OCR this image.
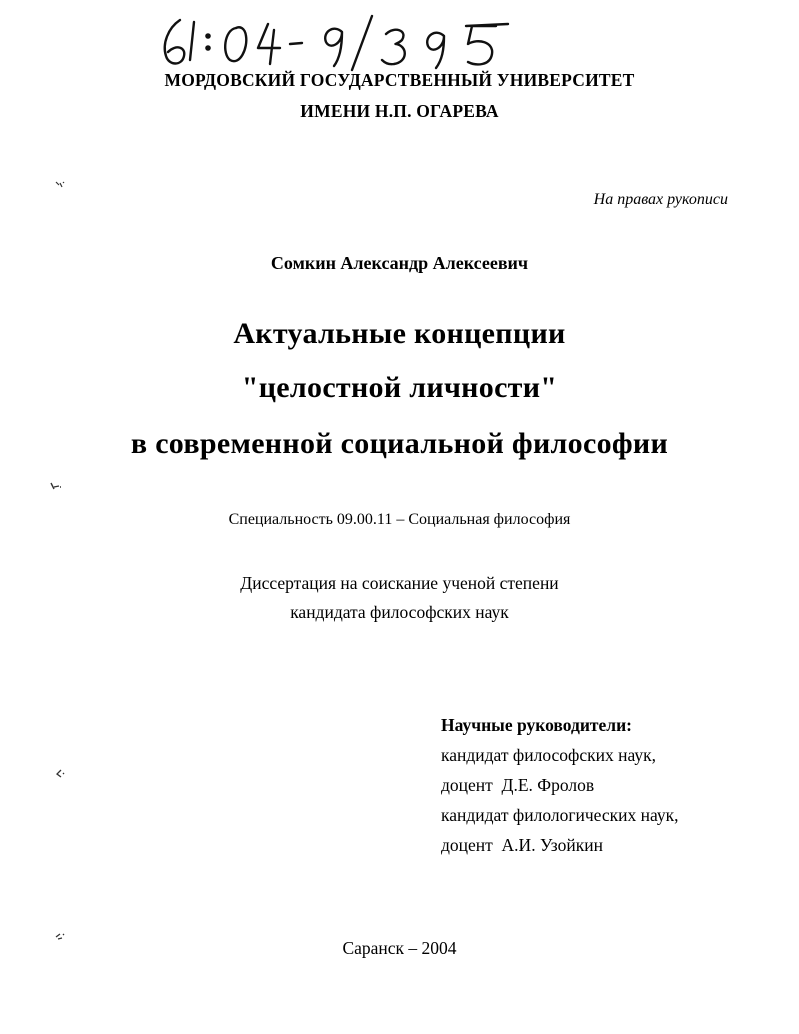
МОРДОВСКИЙ ГОСУДАРСТВЕННЫЙ УНИВЕРСИТЕТ
ИМЕНИ Н.П. ОГАРЕВА
На правах рукописи
Сомкин Александр Алексеевич
Актуальные концепции
"целостной личности"
в современной социальной философии
Специальность 09.00.11 – Социальная философия
Диссертация на соискание ученой степени
кандидата философских наук
Научные руководители:
кандидат философских наук,
доцент  Д.Е. Фролов
кандидат филологических наук,
доцент  А.И. Узойкин
Саранск – 2004
